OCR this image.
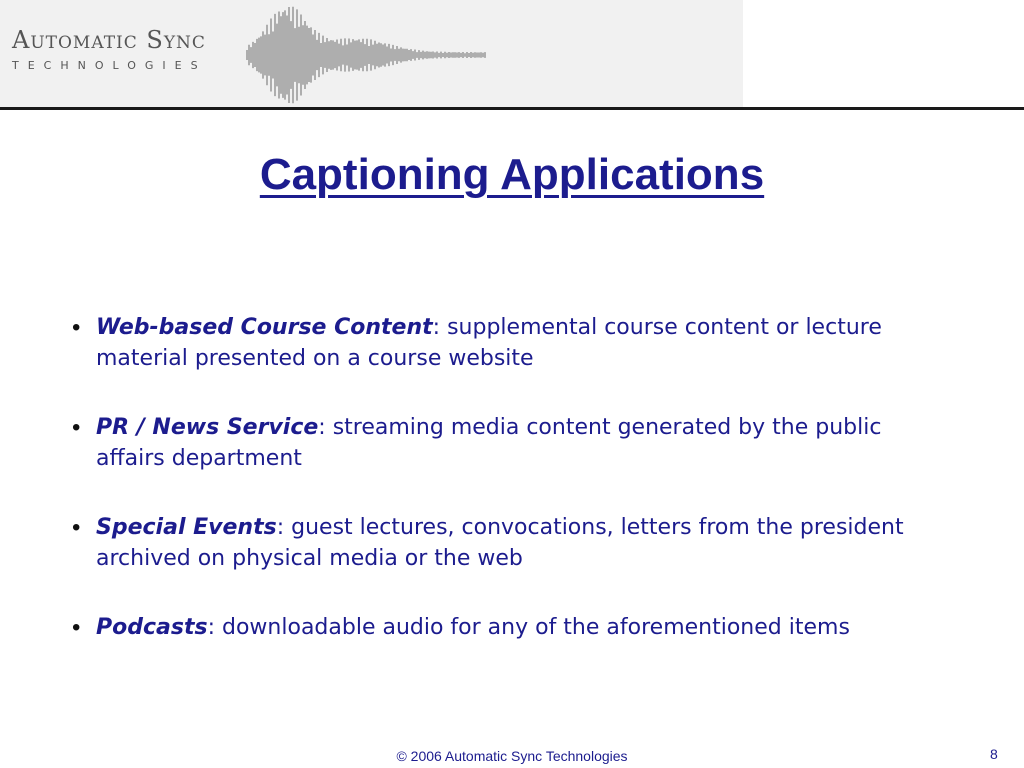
Automatic Sync
TECHNOLOGIES
Captioning Applications
• Web-based Course Content: supplemental course content or lecture material presented on a course website
• PR / News Service: streaming media content generated by the public affairs department
• Special Events: guest lectures, convocations, letters from the president archived on physical media or the web
• Podcasts: downloadable audio for any of the aforementioned items
© 2006 Automatic Sync Technologies	8
